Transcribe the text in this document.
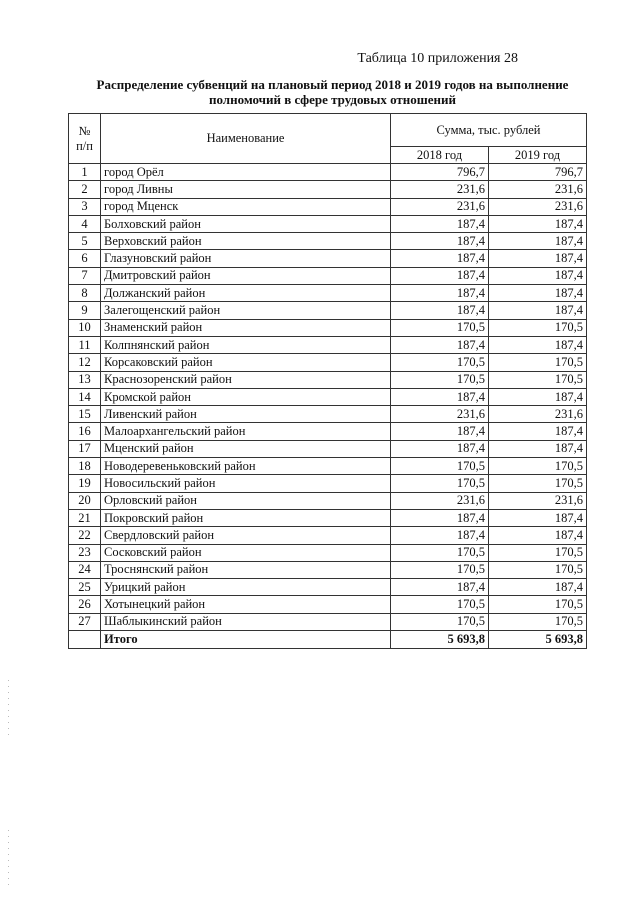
Таблица 10 приложения 28
Распределение субвенций на плановый период 2018 и 2019 годов на выполнение
полномочий в сфере трудовых отношений
№ п/п	Наименование	Сумма, тыс. рублей	
		2018 год	2019 год
1	город Орёл	796,7	796,7
2	город Ливны	231,6	231,6
3	город Мценск	231,6	231,6
4	Болховский район	187,4	187,4
5	Верховский район	187,4	187,4
6	Глазуновский район	187,4	187,4
7	Дмитровский район	187,4	187,4
8	Должанский район	187,4	187,4
9	Залегощенский район	187,4	187,4
10	Знаменский район	170,5	170,5
11	Колпнянский район	187,4	187,4
12	Корсаковский район	170,5	170,5
13	Краснозоренский район	170,5	170,5
14	Кромской район	187,4	187,4
15	Ливенский район	231,6	231,6
16	Малоархангельский район	187,4	187,4
17	Мценский район	187,4	187,4
18	Новодеревеньковский район	170,5	170,5
19	Новосильский район	170,5	170,5
20	Орловский район	231,6	231,6
21	Покровский район	187,4	187,4
22	Свердловский район	187,4	187,4
23	Сосковский район	170,5	170,5
24	Троснянский район	170,5	170,5
25	Урицкий район	187,4	187,4
26	Хотынецкий район	170,5	170,5
27	Шаблыкинский район	170,5	170,5
	Итого	5 693,8	5 693,8
